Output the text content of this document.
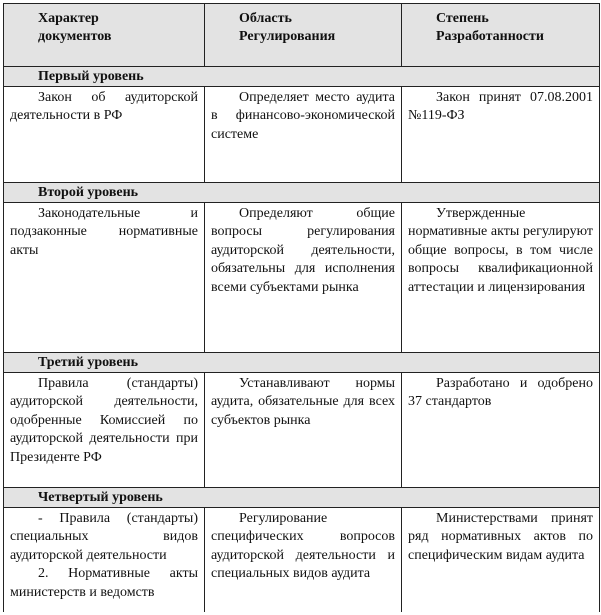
Характер
документов
Область
Регулирования
Степень
Разработанности
Первый уровень
Закон об аудиторской деятельности в РФ
Определяет место аудита в финансово-экономической системе
Закон принят 07.08.2001 №119-ФЗ
Второй уровень
Законодательные и подзаконные нормативные акты
Определяют общие вопросы регулирования аудиторской деятельности, обязательны для исполнения всеми субъектами рынка
Утвержденные нормативные акты регулируют общие вопросы, в том числе вопросы квалификационной аттестации и лицензирования
Третий уровень
Правила (стандарты) аудиторской деятельности, одобренные Комиссией по аудиторской деятельности при Президенте РФ
Устанавливают нормы аудита, обязательные для всех субъектов рынка
Разработано и одобрено 37 стандартов
Четвертый уровень
- Правила (стандарты) специальных видов аудиторской деятельности
2. Нормативные акты министерств и ведомств
Регулирование специфических вопросов аудиторской деятельности и специальных видов аудита
Министерствами принят ряд нормативных актов по специфическим видам аудита
